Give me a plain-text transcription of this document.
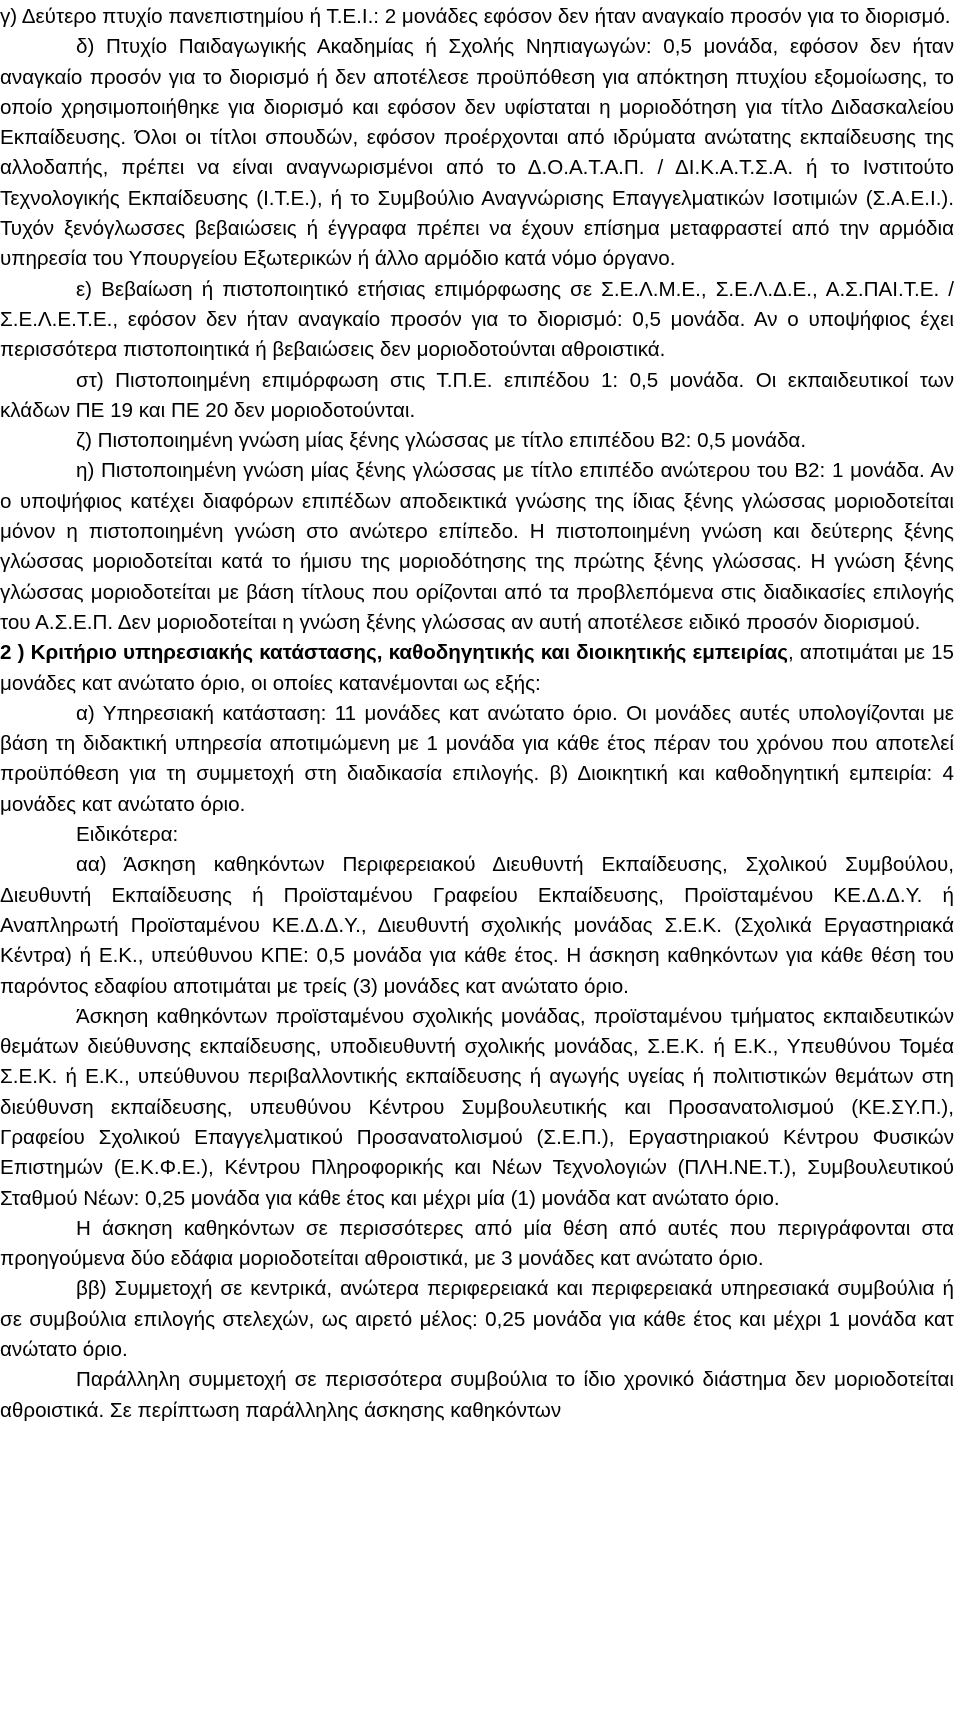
γ) Δεύτερο πτυχίο πανεπιστημίου ή Τ.Ε.Ι.: 2 μονάδες εφόσον δεν ήταν αναγκαίο προσόν για το διορισμό.

δ) Πτυχίο Παιδαγωγικής Ακαδημίας ή Σχολής Νηπιαγωγών: 0,5 μονάδα, εφόσον δεν ήταν αναγκαίο προσόν για το διορισμό ή δεν αποτέλεσε προϋπόθεση για απόκτηση πτυχίου εξομοίωσης, το οποίο χρησιμοποιήθηκε για διορισμό και εφόσον δεν υφίσταται η μοριοδότηση για τίτλο Διδασκαλείου Εκπαίδευσης. Όλοι οι τίτλοι σπουδών, εφόσον προέρχονται από ιδρύματα ανώτατης εκπαίδευσης της αλλοδαπής, πρέπει να είναι αναγνωρισμένοι από το Δ.Ο.Α.Τ.Α.Π. / ΔΙ.Κ.Α.Τ.Σ.Α. ή το Ινστιτούτο Τεχνολογικής Εκπαίδευσης (Ι.Τ.Ε.), ή το Συμβούλιο Αναγνώρισης Επαγγελματικών Ισοτιμιών (Σ.Α.Ε.Ι.). Τυχόν ξενόγλωσσες βεβαιώσεις ή έγγραφα πρέπει να έχουν επίσημα μεταφραστεί από την αρμόδια υπηρεσία του Υπουργείου Εξωτερικών ή άλλο αρμόδιο κατά νόμο όργανο.

ε) Βεβαίωση ή πιστοποιητικό ετήσιας επιμόρφωσης σε Σ.Ε.Λ.Μ.Ε., Σ.Ε.Λ.Δ.Ε., Α.Σ.ΠΑΙ.Τ.Ε. / Σ.Ε.Λ.Ε.Τ.Ε., εφόσον δεν ήταν αναγκαίο προσόν για το διορισμό: 0,5 μονάδα. Αν ο υποψήφιος έχει περισσότερα πιστοποιητικά ή βεβαιώσεις δεν μοριοδοτούνται αθροιστικά.

στ) Πιστοποιημένη επιμόρφωση στις Τ.Π.Ε. επιπέδου 1: 0,5 μονάδα. Οι εκπαιδευτικοί των κλάδων ΠΕ 19 και ΠΕ 20 δεν μοριοδοτούνται.

ζ) Πιστοποιημένη γνώση μίας ξένης γλώσσας με τίτλο επιπέδου Β2: 0,5 μονάδα.

η) Πιστοποιημένη γνώση μίας ξένης γλώσσας με τίτλο επιπέδο ανώτερου του Β2: 1 μονάδα. Αν ο υποψήφιος κατέχει διαφόρων επιπέδων αποδεικτικά γνώσης της ίδιας ξένης γλώσσας μοριοδοτείται μόνον η πιστοποιημένη γνώση στο ανώτερο επίπεδο. Η πιστοποιημένη γνώση και δεύτερης ξένης γλώσσας μοριοδοτείται κατά το ήμισυ της μοριοδότησης της πρώτης ξένης γλώσσας. Η γνώση ξένης γλώσσας μοριοδοτείται με βάση τίτλους που ορίζονται από τα προβλεπόμενα στις διαδικασίες επιλογής του Α.Σ.Ε.Π. Δεν μοριοδοτείται η γνώση ξένης γλώσσας αν αυτή αποτέλεσε ειδικό προσόν διορισμού.

2 ) Κριτήριο υπηρεσιακής κατάστασης, καθοδηγητικής και διοικητικής εμπειρίας, αποτιμάται με 15 μονάδες κατ ανώτατο όριο, οι οποίες κατανέμονται ως εξής:

α) Υπηρεσιακή κατάσταση: 11 μονάδες κατ ανώτατο όριο. Οι μονάδες αυτές υπολογίζονται με βάση τη διδακτική υπηρεσία αποτιμώμενη με 1 μονάδα για κάθε έτος πέραν του χρόνου που αποτελεί προϋπόθεση για τη συμμετοχή στη διαδικασία επιλογής. β) Διοικητική και καθοδηγητική εμπειρία: 4 μονάδες κατ ανώτατο όριο.

Ειδικότερα:

αα) Άσκηση καθηκόντων Περιφερειακού Διευθυντή Εκπαίδευσης, Σχολικού Συμβούλου, Διευθυντή Εκπαίδευσης ή Προϊσταμένου Γραφείου Εκπαίδευσης, Προϊσταμένου ΚΕ.Δ.Δ.Υ. ή Αναπληρωτή Προϊσταμένου ΚΕ.Δ.Δ.Υ., Διευθυντή σχολικής μονάδας Σ.Ε.Κ. (Σχολικά Εργαστηριακά Κέντρα) ή Ε.Κ., υπεύθυνου ΚΠΕ: 0,5 μονάδα για κάθε έτος. Η άσκηση καθηκόντων για κάθε θέση του παρόντος εδαφίου αποτιμάται με τρείς (3) μονάδες κατ ανώτατο όριο.

Άσκηση καθηκόντων προϊσταμένου σχολικής μονάδας, προϊσταμένου τμήματος εκπαιδευτικών θεμάτων διεύθυνσης εκπαίδευσης, υποδιευθυντή σχολικής μονάδας, Σ.Ε.Κ. ή Ε.Κ., Υπευθύνου Τομέα Σ.Ε.Κ. ή Ε.Κ., υπεύθυνου περιβαλλοντικής εκπαίδευσης ή αγωγής υγείας ή πολιτιστικών θεμάτων στη διεύθυνση εκπαίδευσης, υπευθύνου Κέντρου Συμβουλευτικής και Προσανατολισμού (ΚΕ.ΣΥ.Π.), Γραφείου Σχολικού Επαγγελματικού Προσανατολισμού (Σ.Ε.Π.), Εργαστηριακού Κέντρου Φυσικών Επιστημών (Ε.Κ.Φ.Ε.), Κέντρου Πληροφορικής και Νέων Τεχνολογιών (ΠΛΗ.ΝΕ.Τ.), Συμβουλευτικού Σταθμού Νέων: 0,25 μονάδα για κάθε έτος και μέχρι μία (1) μονάδα κατ ανώτατο όριο.

Η άσκηση καθηκόντων σε περισσότερες από μία θέση από αυτές που περιγράφονται στα προηγούμενα δύο εδάφια μοριοδοτείται αθροιστικά, με 3 μονάδες κατ ανώτατο όριο.

ββ) Συμμετοχή σε κεντρικά, ανώτερα περιφερειακά και περιφερειακά υπηρεσιακά συμβούλια ή σε συμβούλια επιλογής στελεχών, ως αιρετό μέλος: 0,25 μονάδα για κάθε έτος και μέχρι 1 μονάδα κατ ανώτατο όριο.

Παράλληλη συμμετοχή σε περισσότερα συμβούλια το ίδιο χρονικό διάστημα δεν μοριοδοτείται αθροιστικά. Σε περίπτωση παράλληλης άσκησης καθηκόντων
